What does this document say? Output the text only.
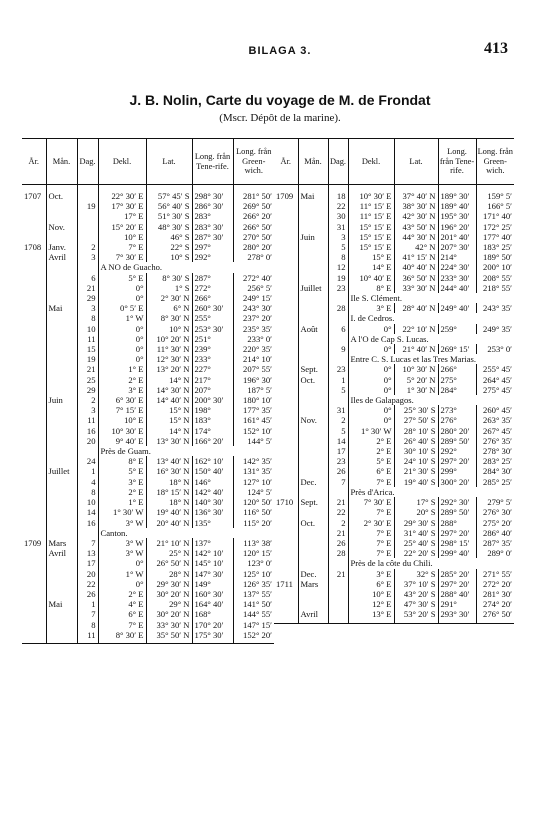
BILAGA 3.	413
J. B. Nolin, Carte du voyage de M. de Frondat
(Mscr. Dépôt de la marine).
År.	Mån.	Dag.	Dekl.	Lat.	Long. från Tene-rife.	Long. från Green-wich.
1707	Oct.		22° 30′ E	57° 45′ S	298° 30′	281° 50′
		19	17° 30′ E	56° 40′ S	286° 30′	269° 50′
			17° E	51° 30′ S	283°	266° 20′
	Nov.		15° 20′ E	48° 30′ S	283° 30′	266° 50′
			10° E	46° S	287° 30′	270° 50′
1708	Janv.	2	7° E	22° S	297°	280° 20′
	Avril	3	7° 30′ E	10° S	292°	278° 0′
			A NO de Guacho.			
		6	5° E	8° 30′ S	287°	272° 40′
		21	0°	1° S	272°	256° 5′
		29	0°	2° 30′ N	266°	249° 15′
	Mai	3	0° 5′ E	6° N	260° 30′	243° 30′
		8	1° W	8° 30′ N	255°	237° 20′
		10	0°	10° N	253° 30′	235° 35′
		11	0°	10° 20′ N	251°	233° 0′
		15	0°	11° 30′ N	239°	220° 35′
		19	0°	12° 30′ N	233°	214° 10′
		21	1° E	13° 20′ N	227°	207° 55′
		25	2° E	14° N	217°	196° 30′
		29	3° E	14° 30′ N	207°	187° 5′
	Juin	2	6° 30′ E	14° 40′ N	200° 30′	180° 10′
		3	7° 15′ E	15° N	198°	177° 35′
		11	10° E	15° N	183°	161° 45′
		16	10° 30′ E	14° N	174°	152° 10′
		20	9° 40′ E	13° 30′ N	166° 20′	144° 5′
			Près de Guam.			
		24	8° E	13° 40′ N	162° 10′	142° 35′
	Juillet	1	5° E	16° 30′ N	150° 40′	131° 35′
		4	3° E	18° N	146°	127° 10′
		8	2° E	18° 15′ N	142° 40′	124° 5′
		10	1° E	18° N	140° 30′	120° 50′
		14	1° 30′ W	19° 40′ N	136° 30′	116° 50′
		16	3° W	20° 40′ N	135°	115° 20′
			Canton.			
1709	Mars	7	3° W	21° 10′ N	137°	113° 38′
	Avril	13	3° W	25° N	142° 10′	120° 15′
		17	0°	26° 50′ N	145° 10′	123° 0′
		20	1° W	28° N	147° 30′	125° 10′
		22	0°	29° 30′ N	149°	126° 35′
		26	2° E	30° 20′ N	160° 30′	137° 55′
	Mai	1	4° E	29° N	164° 40′	141° 50′
		7	6° E	30° 20′ N	168°	144° 55′
		8	7° E	33° 30′ N	170° 20′	147° 15′
		11	8° 30′ E	35° 50′ N	175° 30′	152° 20′
År.	Mån.	Dag.	Dekl.	Lat.	Long. från Tene-rife.	Long. från Green-wich.
1709	Mai	18	10° 30′ E	37° 40′ N	189° 30′	159° 5′
		22	11° 15′ E	38° 30′ N	189° 40′	166° 5′
		30	11° 15′ E	42° 30′ N	195° 30′	171° 40′
		31	15° 15′ E	43° 50′ N	196° 20′	172° 25′
	Juin	3	15° 15′ E	44° 30′ N	201° 40′	177° 40′
		5	15° 15′ E	42° N	207° 30′	183° 25′
		8	15° E	41° 15′ N	214°	189° 50′
		12	14° E	40° 40′ N	224° 30′	200° 10′
		19	10° 40′ E	36° 50′ N	233° 30′	208° 55′
	Juillet	23	8° E	33° 30′ N	244° 40′	218° 55′
			Ile S. Clément.			
		28	3° E	28° 40′ N	249° 40′	243° 35′
			I. de Cedros.			
	Août	6	0°	22° 10′ N	259°	249° 35′
			A l'O de Cap S. Lucas.			
		9	0°	21° 40′ N	269° 15′	253° 0′
			Entre C. S. Lucas et las Tres Marias.			
	Sept.	23	0°	10° 30′ N	266°	255° 45′
	Oct.	1	0°	5° 20′ N	275°	264° 45′
		5	0°	1° 30′ N	284°	275° 45′
			Iles de Galapagos.			
		31	0°	25° 30′ S	273°	260° 45′
	Nov.	2	0°	27° 50′ S	276°	263° 35′
		5	1° 30′ W	28° 10′ S	280° 20′	267° 45′
		14	2° E	26° 40′ S	289° 50′	276° 35′
		17	2° E	30° 10′ S	292°	278° 30′
		23	5° E	24° 10′ S	297° 20′	283° 25′
		26	6° E	21° 30′ S	299°	284° 30′
	Dec.	7	7° E	19° 40′ S	300° 20′	285° 25′
			Près d'Arica.			
1710	Sept.	21	7° 30′ E	17° S	292° 30′	279° 5′
		22	7° E	20° S	289° 50′	276° 30′
	Oct.	2	2° 30′ E	29° 30′ S	288°	275° 20′
		21	7° E	31° 40′ S	297° 20′	286° 40′
		26	7° E	25° 40′ S	298° 15′	287° 35′
		28	7° E	22° 20′ S	299° 40′	289° 0′
			Près de la côte du Chili.			
	Dec.	21	3° E	32° S	285° 20′	271° 55′
1711	Mars		6° E	37° 10′ S	297° 20′	272° 20′
			10° E	43° 20′ S	288° 40′	281° 30′
			12° E	47° 30′ S	291°	274° 20′
	Avril		13° E	53° 20′ S	293° 30′	276° 50′
